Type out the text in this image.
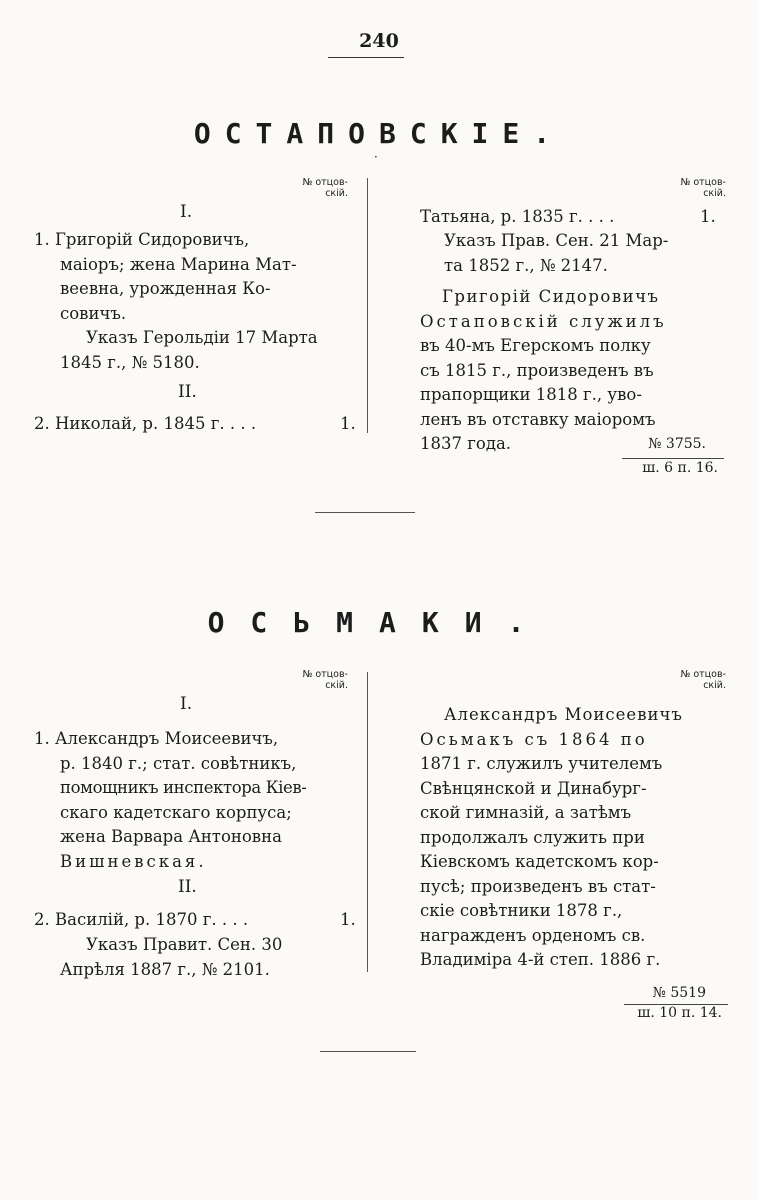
240
ОСТАПОВСКІЕ.
·
№ отцов-
скій.
№ отцов-
скій.
I.
1. Григорій Сидоровичъ,
маіоръ; жена Марина Мат-
веевна, урожденная Ко-
совичъ.
Указъ Герольдіи 17 Марта
1845 г., № 5180.
II.
2. Николай, р. 1845 г. . . .	1.
Татьяна, р. 1835 г. . . .	1.
Указъ Прав. Сен. 21 Мар-
та 1852 г., № 2147.
Григорій Сидоровичъ
Остаповскій служилъ
въ 40-мъ Егерскомъ полку
съ 1815 г., произведенъ въ
прапорщики 1818 г., уво-
ленъ въ отставку маіоромъ
1837 года.	№ 3755.
ш. 6 п. 16.
ОСЬМАКИ.
№ отцов-
скій.
№ отцов-
скій.
I.
1. Александръ Моисеевичъ,
р. 1840 г.; стат. совѣтникъ,
помощникъ инспектора Кіев-
скаго кадетскаго корпуса;
жена Варвара Антоновна
Вишневская.
II.
2. Василій, р. 1870 г. . . .	1.
Указъ Правит. Сен. 30
Апрѣля 1887 г., № 2101.
Александръ Моисеевичъ
Осьмакъ съ 1864 по
1871 г. служилъ учителемъ
Свѣнцянской и Динабург-
ской гимназій, а затѣмъ
продолжалъ служить при
Кіевскомъ кадетскомъ кор-
пусѣ; произведенъ въ стат-
скіе совѣтники 1878 г.,
награжденъ орденомъ св.
Владиміра 4-й степ. 1886 г.
№ 5519
ш. 10 п. 14.
